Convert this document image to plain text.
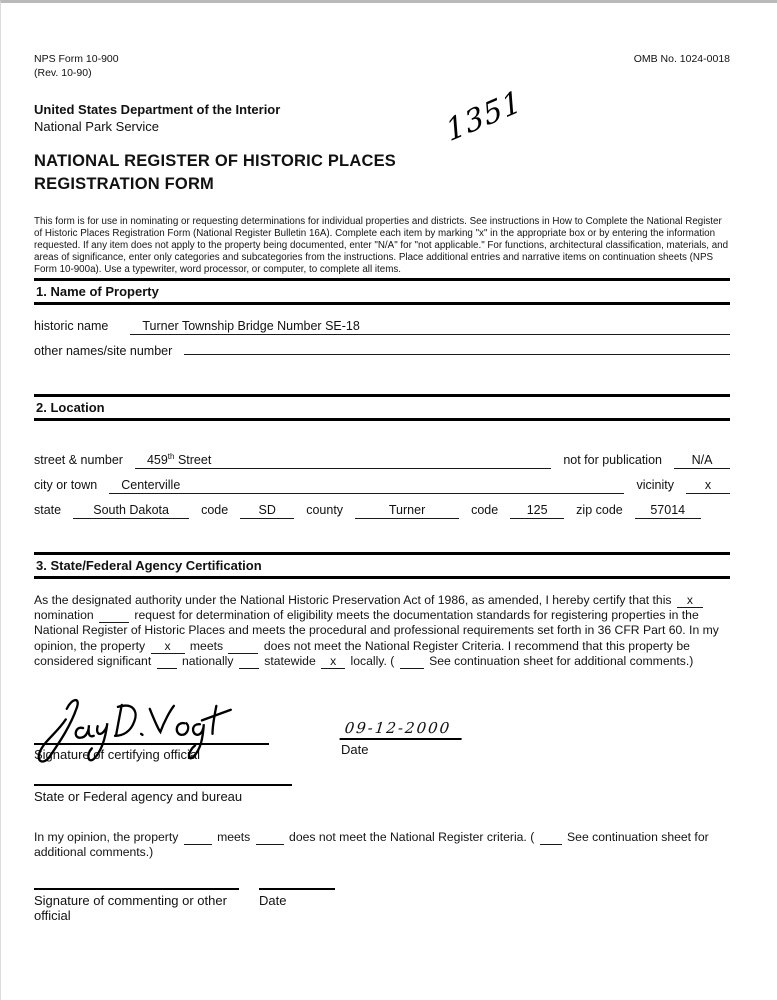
1351
NPS Form 10-900	OMB No. 1024-0018
(Rev. 10-90)
United States Department of the Interior
National Park Service
NATIONAL REGISTER OF HISTORIC PLACES
REGISTRATION FORM
This form is for use in nominating or requesting determinations for individual properties and districts. See instructions in How to Complete the National Register of Historic Places Registration Form (National Register Bulletin 16A). Complete each item by marking "x" in the appropriate box or by entering the information requested. If any item does not apply to the property being documented, enter "N/A" for "not applicable." For functions, architectural classification, materials, and areas of significance, enter only categories and subcategories from the instructions. Place additional entries and narrative items on continuation sheets (NPS Form 10-900a). Use a typewriter, word processor, or computer, to complete all items.
1. Name of Property
historic name	Turner Township Bridge Number SE-18
other names/site number
2. Location
street & number	459th Street	not for publication	N/A
city or town	Centerville	vicinity	x
state	South Dakota	code	SD	county	Turner	code	125	zip code	57014
3. State/Federal Agency Certification
As the designated authority under the National Historic Preservation Act of 1986, as amended, I hereby certify that this x nomination	request for determination of eligibility meets the documentation standards for registering properties in the National Register of Historic Places and meets the procedural and professional requirements set forth in 36 CFR Part 60. In my opinion, the property x meets	does not meet the National Register Criteria. I recommend that this property be considered significant   nationally   statewide x locally. (   See continuation sheet for additional comments.)
Signature of certifying official
09-12-2000
Date
State or Federal agency and bureau
In my opinion, the property	meets	does not meet the National Register criteria. (   See continuation sheet for additional comments.)
Signature of commenting or other official
Date
